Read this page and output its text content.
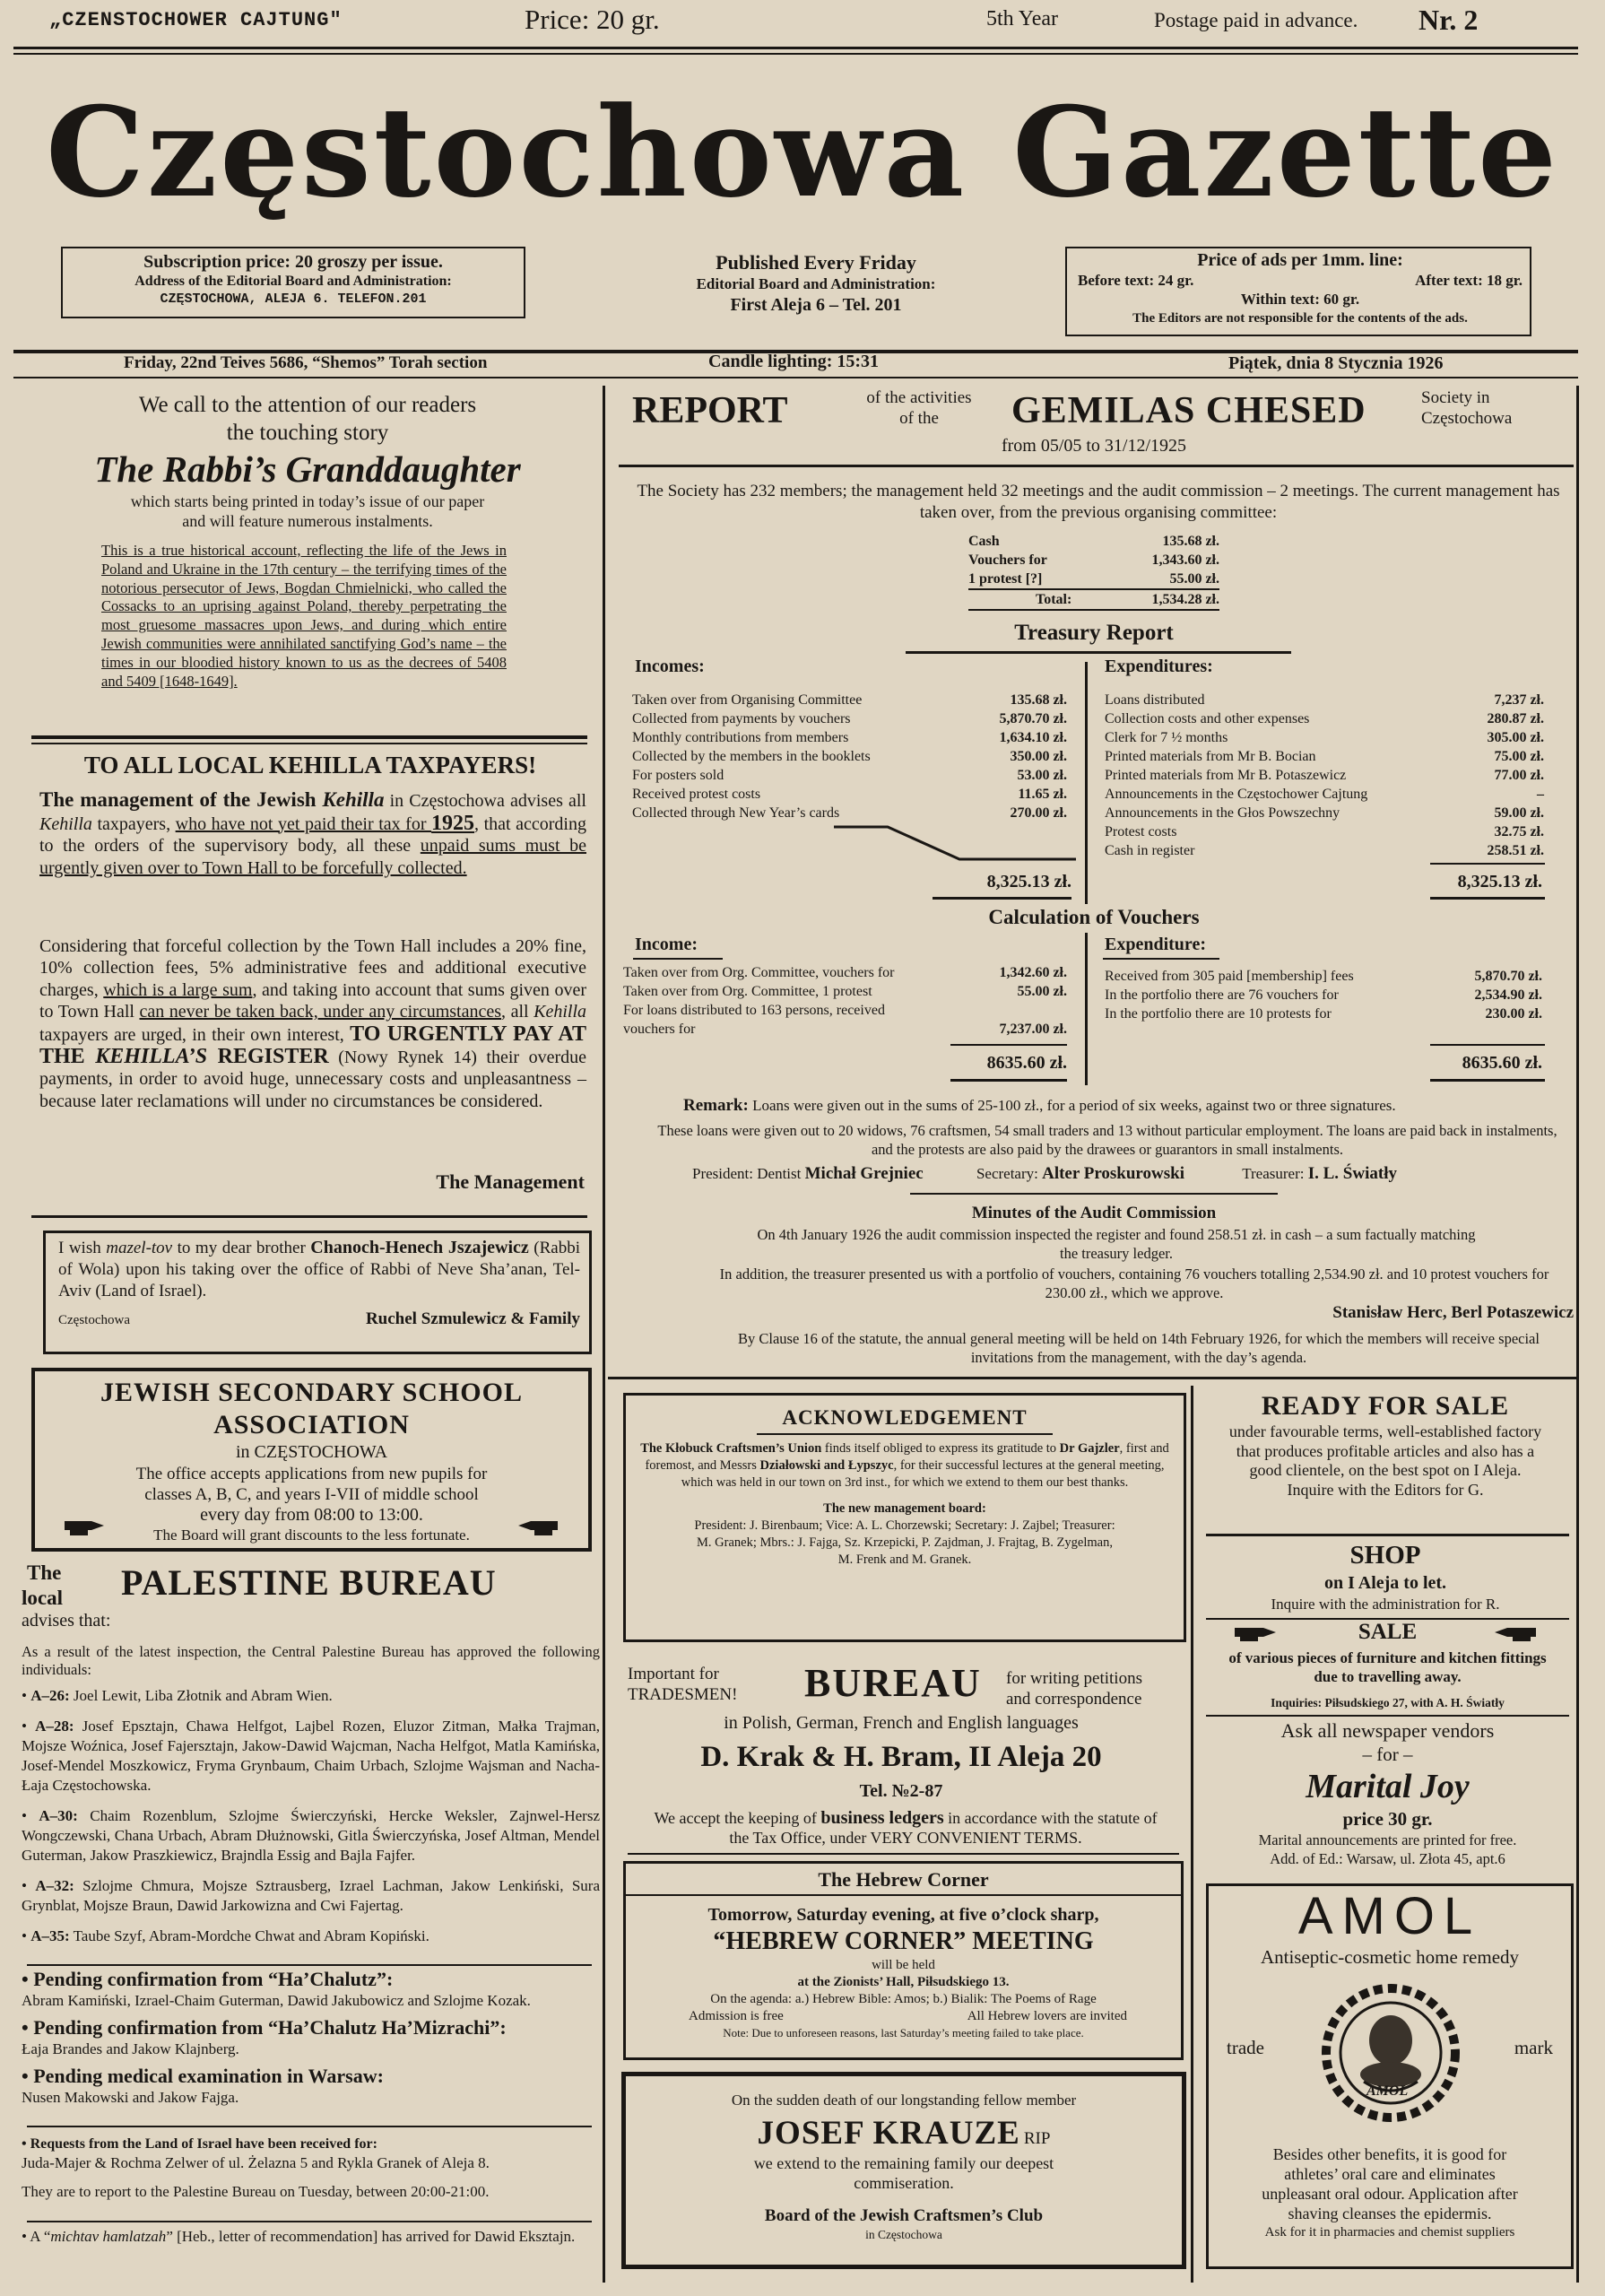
„CZENSTOCHOWER CAJTUNG"	Price: 20 gr.	5th Year	Postage paid in advance. Nr. 2
Częstochowa Gazette
Subscription price: 20 groszy per issue.
Address of the Editorial Board and Administration:
CZĘSTOCHOWA, ALEJA 6. TELEFON.201
Published Every Friday
Editorial Board and Administration:
First Aleja 6 – Tel. 201
Price of ads per 1mm. line:
Before text: 24 gr.	After text: 18 gr.
Within text: 60 gr.
The Editors are not responsible for the contents of the ads.
Friday, 22nd Teives 5686, “Shemos” Torah section	Candle lighting: 15:31	Piątek, dnia 8 Stycznia 1926
We call to the attention of our readers
the touching story
The Rabbi’s Granddaughter
which starts being printed in today’s issue of our paper
and will feature numerous instalments.
This is a true historical account, reflecting the life of the Jews in Poland and Ukraine in the 17th century – the terrifying times of the notorious persecutor of Jews, Bogdan Chmielnicki, who called the Cossacks to an uprising against Poland, thereby perpetrating the most gruesome massacres upon Jews, and during which entire Jewish communities were annihilated sanctifying God’s name – the times in our bloodied history known to us as the decrees of 5408 and 5409 [1648-1649].
TO ALL LOCAL KEHILLA TAXPAYERS!
The management of the Jewish Kehilla in Częstochowa advises all Kehilla taxpayers, who have not yet paid their tax for 1925, that according to the orders of the supervisory body, all these unpaid sums must be urgently given over to Town Hall to be forcefully collected.
Considering that forceful collection by the Town Hall includes a 20% fine, 10% collection fees, 5% administrative fees and additional executive charges, which is a large sum, and taking into account that sums given over to Town Hall can never be taken back, under any circumstances, all Kehilla taxpayers are urged, in their own interest, TO URGENTLY PAY AT THE KEHILLA’S REGISTER (Nowy Rynek 14) their overdue payments, in order to avoid huge, unnecessary costs and unpleasantness – because later reclamations will under no circumstances be considered.
The Management
I wish mazel-tov to my dear brother Chanoch-Henech Jszajewicz (Rabbi of Wola) upon his taking over the office of Rabbi of Neve Sha’anan, Tel-Aviv (Land of Israel).
Częstochowa	Ruchel Szmulewicz & Family
JEWISH SECONDARY SCHOOL
ASSOCIATION
in CZĘSTOCHOWA
The office accepts applications from new pupils for
classes A, B, C, and years I-VII of middle school
every day from 08:00 to 13:00.
The Board will grant discounts to the less fortunate.
The
local PALESTINE BUREAU
advises that:
As a result of the latest inspection, the Central Palestine Bureau has approved the following individuals:
• A–26: Joel Lewit, Liba Złotnik and Abram Wien.
• A–28: Josef Epsztajn, Chawa Helfgot, Lajbel Rozen, Eluzor Zitman, Małka Trajman, Mojsze Woźnica, Josef Fajersztajn, Jakow-Dawid Wajcman, Nacha Helfgot, Matla Kamińska, Josef-Mendel Moszkowicz, Fryma Grynbaum, Chaim Urbach, Szlojme Wajsman and Nacha-Łaja Częstochowska.
• A–30: Chaim Rozenblum, Szlojme Świerczyński, Hercke Weksler, Zajnwel-Hersz Wongczewski, Chana Urbach, Abram Dłużnowski, Gitla Świerczyńska, Josef Altman, Mendel Guterman, Jakow Praszkiewicz, Brajndla Essig and Bajla Fajfer.
• A–32: Szlojme Chmura, Mojsze Sztrausberg, Izrael Lachman, Jakow Lenkiński, Sura Grynblat, Mojsze Braun, Dawid Jarkowizna and Cwi Fajertag.
• A–35: Taube Szyf, Abram-Mordche Chwat and Abram Kopiński.
• Pending confirmation from “Ha’Chalutz”:
Abram Kamiński, Izrael-Chaim Guterman, Dawid Jakubowicz and Szlojme Kozak.
• Pending confirmation from “Ha’Chalutz Ha’Mizrachi”:
Łaja Brandes and Jakow Klajnberg.
• Pending medical examination in Warsaw:
Nusen Makowski and Jakow Fajga.
• Requests from the Land of Israel have been received for:
Juda-Majer & Rochma Zelwer of ul. Żelazna 5 and Rykla Granek of Aleja 8.
They are to report to the Palestine Bureau on Tuesday, between 20:00-21:00.
• A “michtav hamlatzah” [Heb., letter of recommendation] has arrived for Dawid Eksztajn.
REPORT	of the activities
of the	GEMILAS CHESED	Society in
Częstochowa
from 05/05 to 31/12/1925
The Society has 232 members; the management held 32 meetings and the audit commission – 2 meetings. The current management has taken over, from the previous organising committee:
Cash	135.68 zł.
Vouchers for	1,343.60 zł.
1 protest [?]	55.00 zł.
Total:	1,534.28 zł.
Treasury Report
Incomes:
Taken over from Organising Committee	135.68 zł.
Collected from payments by vouchers	5,870.70 zł.
Monthly contributions from members	1,634.10 zł.
Collected by the members in the booklets	350.00 zł.
For posters sold	53.00 zł.
Received protest costs	11.65 zł.
Collected through New Year’s cards	270.00 zł.
8,325.13 zł.
Expenditures:
Loans distributed	7,237 zł.
Collection costs and other expenses	280.87 zł.
Clerk for 7 ½ months	305.00 zł.
Printed materials from Mr B. Bocian	75.00 zł.
Printed materials from Mr B. Potaszewicz	77.00 zł.
Announcements in the Częstochower Cajtung	–
Announcements in the Głos Powszechny	59.00 zł.
Protest costs	32.75 zł.
Cash in register	258.51 zł.
8,325.13 zł.
Calculation of Vouchers
Income:
Taken over from Org. Committee, vouchers for	1,342.60 zł.
Taken over from Org. Committee, 1 protest	55.00 zł.
For loans distributed to 163 persons, received
vouchers for	7,237.00 zł.
8635.60 zł.
Expenditure:
Received from 305 paid [membership] fees	5,870.70 zł.
In the portfolio there are 76 vouchers for	2,534.90 zł.
In the portfolio there are 10 protests for	230.00 zł.
8635.60 zł.
Remark: Loans were given out in the sums of 25-100 zł., for a period of six weeks, against two or three signatures.
These loans were given out to 20 widows, 76 craftsmen, 54 small traders and 13 without particular employment. The loans are paid back in instalments, and the protests are also paid by the drawees or guarantors in small instalments.
President: Dentist Michał Grejniec	Secretary: Alter Proskurowski	Treasurer: I. L. Światły
Minutes of the Audit Commission
On 4th January 1926 the audit commission inspected the register and found 258.51 zł. in cash – a sum factually matching the treasury ledger.
In addition, the treasurer presented us with a portfolio of vouchers, containing 76 vouchers totalling 2,534.90 zł. and 10 protest vouchers for 230.00 zł., which we approve.
Stanisław Herc, Berl Potaszewicz
By Clause 16 of the statute, the annual general meeting will be held on 14th February 1926, for which the members will receive special invitations from the management, with the day’s agenda.
ACKNOWLEDGEMENT
The Kłobuck Craftsmen’s Union finds itself obliged to express its gratitude to Dr Gajzler, first and foremost, and Messrs Działowski and Łypszyc, for their successful lectures at the general meeting, which was held in our town on 3rd inst., for which we extend to them our best thanks.
The new management board:
President: J. Birenbaum; Vice: A. L. Chorzewski; Secretary: J. Zajbel; Treasurer: M. Granek; Mbrs.: J. Fajga, Sz. Krzepicki, P. Zajdman, J. Frajtag, B. Zygelman, M. Frenk and M. Granek.
READY FOR SALE
under favourable terms, well-established factory that produces profitable articles and also has a good clientele, on the best spot on I Aleja. Inquire with the Editors for G.
SHOP
on I Aleja to let.
Inquire with the administration for R.
SALE
of various pieces of furniture and kitchen fittings due to travelling away.
Inquiries: Piłsudskiego 27, with A. H. Światły
Ask all newspaper vendors
– for –
Marital Joy
price 30 gr.
Marital announcements are printed for free.
Add. of Ed.: Warsaw, ul. Złota 45, apt.6
Important for
TRADESMEN! BUREAU for writing petitions
and correspondence
in Polish, German, French and English languages
D. Krak & H. Bram, II Aleja 20
Tel. №2-87
We accept the keeping of business ledgers in accordance with the statute of the Tax Office, under VERY CONVENIENT TERMS.
The Hebrew Corner
Tomorrow, Saturday evening, at five o’clock sharp,
“HEBREW CORNER” MEETING
will be held
at the Zionists’ Hall, Piłsudskiego 13.
On the agenda: a.) Hebrew Bible: Amos; b.) Bialik: The Poems of Rage
Admission is free	All Hebrew lovers are invited
Note: Due to unforeseen reasons, last Saturday’s meeting failed to take place.
On the sudden death of our longstanding fellow member
JOSEF KRAUZE RIP
we extend to the remaining family our deepest commiseration.
Board of the Jewish Craftsmen’s Club
in Częstochowa
AMOL
Antiseptic-cosmetic home remedy
trade	mark
AMOL
Besides other benefits, it is good for athletes’ oral care and eliminates unpleasant oral odour. Application after shaving cleanses the epidermis.
Ask for it in pharmacies and chemist suppliers
